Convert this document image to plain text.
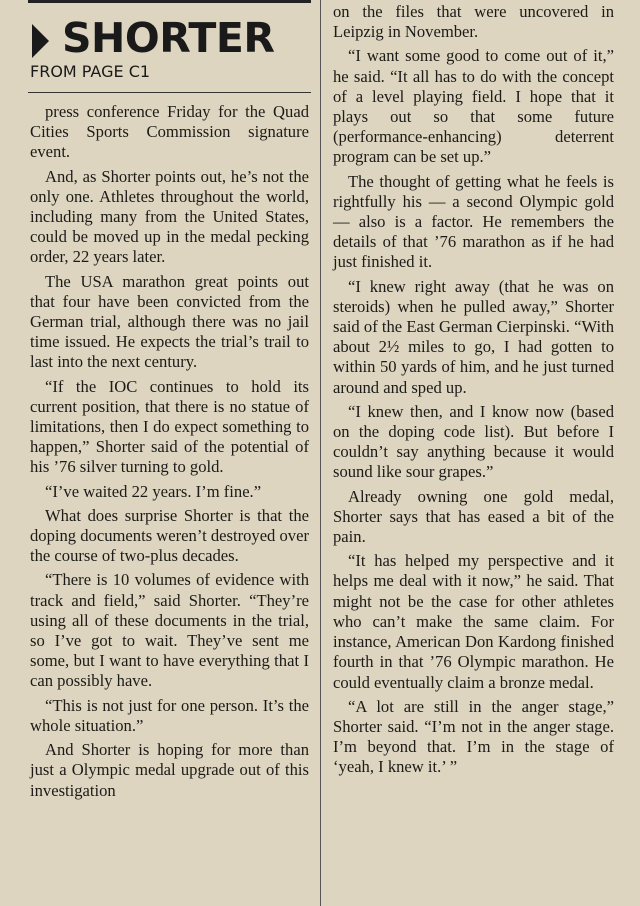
SHORTER
FROM PAGE C1

press conference Friday for the Quad Cities Sports Commission signature event.

And, as Shorter points out, he’s not the only one. Athletes throughout the world, including many from the United States, could be moved up in the medal pecking order, 22 years later.

The USA marathon great points out that four have been convicted from the German trial, although there was no jail time issued. He expects the trial’s trail to last into the next century.

“If the IOC continues to hold its current position, that there is no statue of limitations, then I do expect something to happen,” Shorter said of the potential of his ’76 silver turning to gold.

“I’ve waited 22 years. I’m fine.”

What does surprise Shorter is that the doping documents weren’t destroyed over the course of two-plus decades.

“There is 10 volumes of evidence with track and field,” said Shorter. “They’re using all of these documents in the trial, so I’ve got to wait. They’ve sent me some, but I want to have everything that I can possibly have.

“This is not just for one person. It’s the whole situation.”

And Shorter is hoping for more than just a Olympic medal upgrade out of this investigation

on the files that were uncovered in Leipzig in November.

“I want some good to come out of it,” he said. “It all has to do with the concept of a level playing field. I hope that it plays out so that some future (performance-enhancing) deterrent program can be set up.”

The thought of getting what he feels is rightfully his — a second Olympic gold — also is a factor. He remembers the details of that ’76 marathon as if he had just finished it.

“I knew right away (that he was on steroids) when he pulled away,” Shorter said of the East German Cierpinski. “With about 2½ miles to go, I had gotten to within 50 yards of him, and he just turned around and sped up.

“I knew then, and I know now (based on the doping code list). But before I couldn’t say anything because it would sound like sour grapes.”

Already owning one gold medal, Shorter says that has eased a bit of the pain.

“It has helped my perspective and it helps me deal with it now,” he said. That might not be the case for other athletes who can’t make the same claim. For instance, American Don Kardong finished fourth in that ’76 Olympic marathon. He could eventually claim a bronze medal.

“A lot are still in the anger stage,” Shorter said. “I’m not in the anger stage. I’m beyond that. I’m in the stage of ‘yeah, I knew it.’ ”
